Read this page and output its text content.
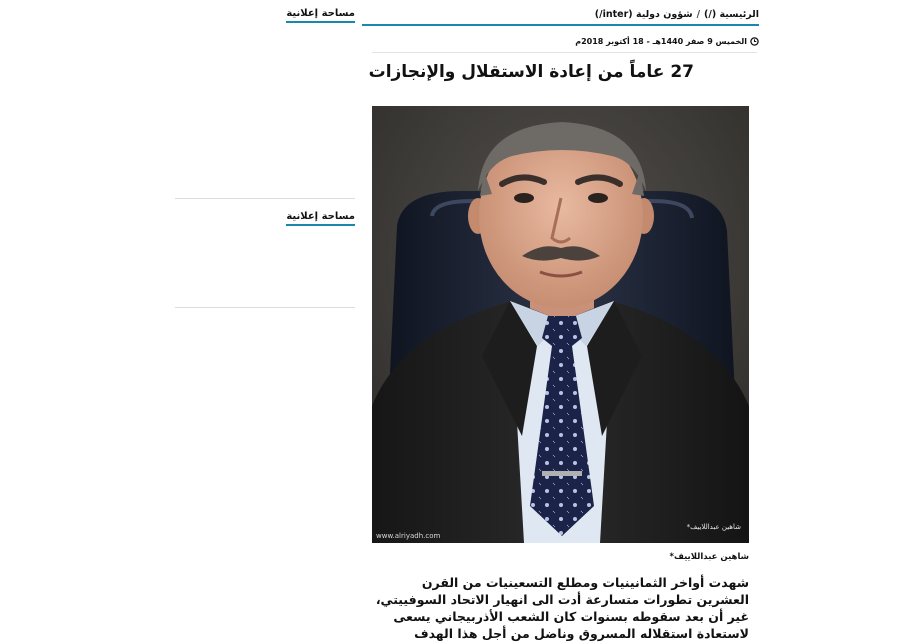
مساحة إعلانية
مساحة إعلانية
الرئيسية (/)/شؤون دولية (inter/)
الخميس 9 صفر 1440هـ - 18 أكتوبر 2018م
27 عاماً من إعادة الاستقلال والإنجازات
www.alriyadh.com
شاهين عبداللاييف*
شاهين عبداللاييف*

شهدت أواخر الثمانينيات ومطلع التسعينيات من القرن العشرين تطورات متسارعة أدت الى انهيار الاتحاد السوفييتي، غير أن بعد سقوطه بسنوات كان الشعب الأذربيجاني يسعى لاستعادة استقلاله المسروق وناضل من أجل هذا الهدف
